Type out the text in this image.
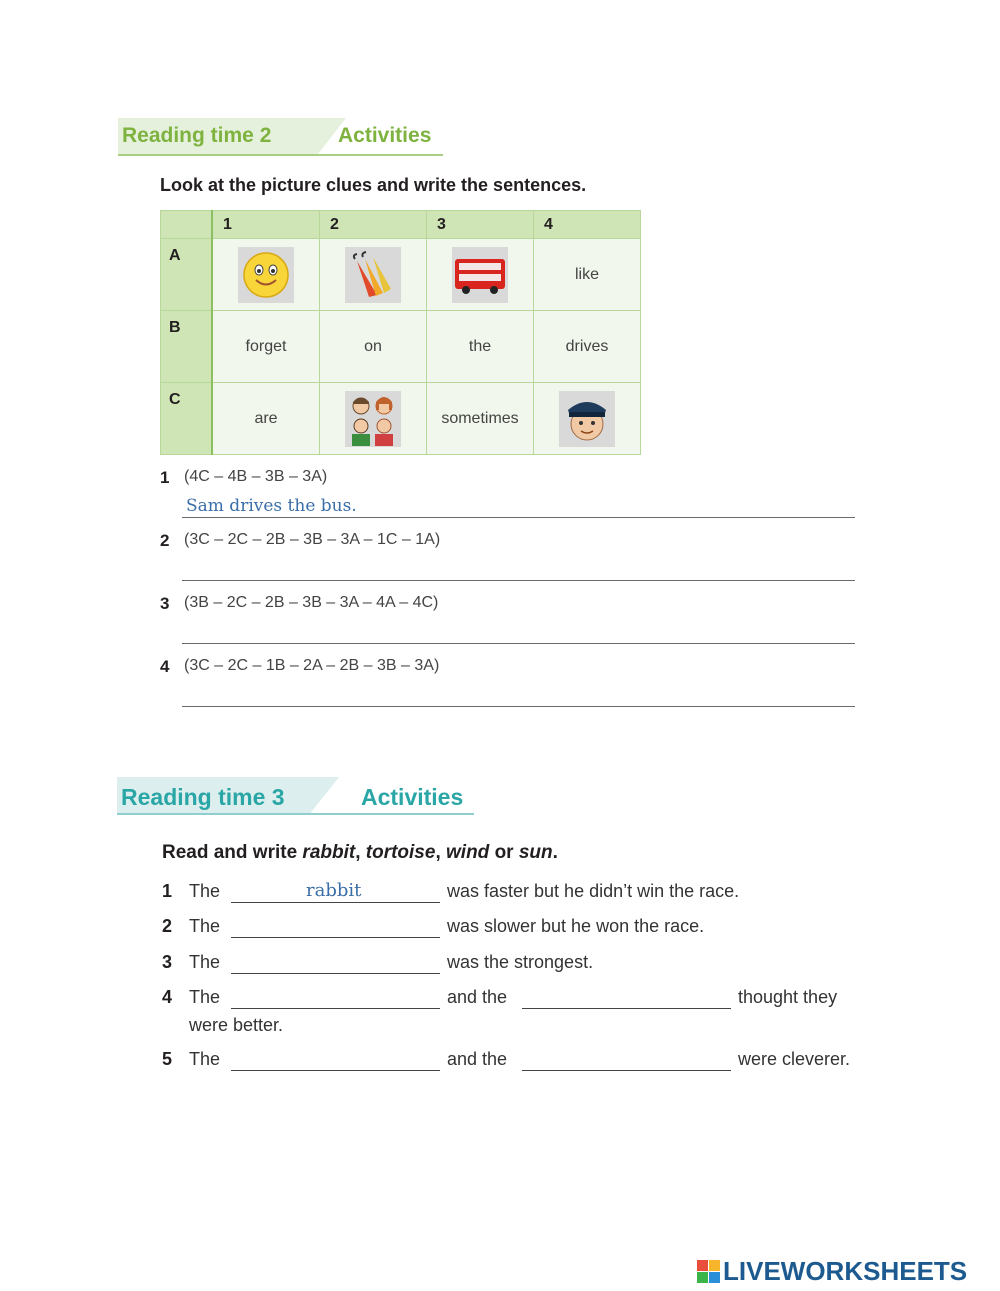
Reading time 2	Activities
Look at the picture clues and write the sentences.
	1	2	3	4
A				like
B	forget	on	the	drives
C	are		sometimes	
1 (4C – 4B – 3B – 3A)
Sam drives the bus.
2 (3C – 2C – 2B – 3B – 3A – 1C – 1A)
3 (3B – 2C – 2B – 3B – 3A – 4A – 4C)
4 (3C – 2C – 1B – 2A – 2B – 3B – 3A)
Reading time 3	Activities
Read and write rabbit, tortoise, wind or sun.
1 The	rabbit	was faster but he didn’t win the race.
2 The	was slower but he won the race.
3 The	was the strongest.
4 The	and the	thought they
were better.
5 The	and the	were cleverer.
LIVEWORKSHEETS
